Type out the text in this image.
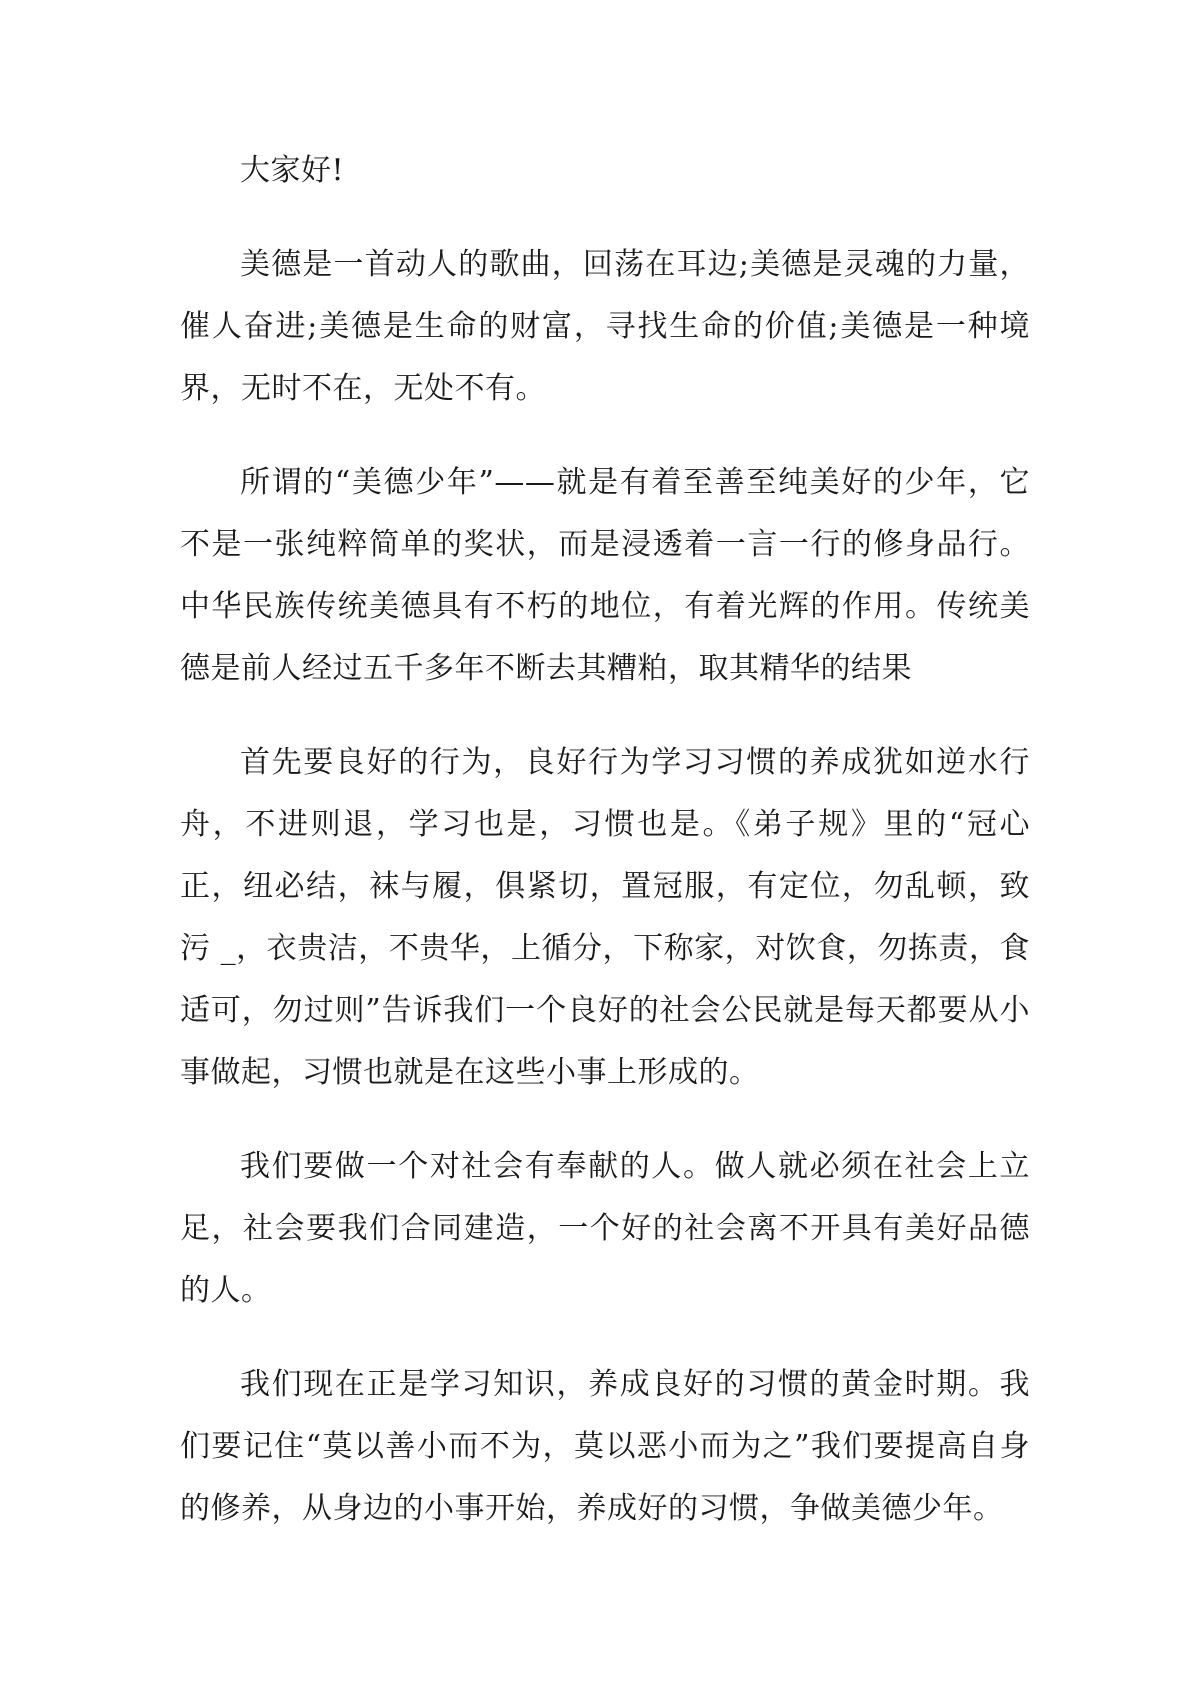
大家好!

美德是一首动人的歌曲，回荡在耳边;美德是灵魂的力量，催人奋进;美德是生命的财富，寻找生命的价值;美德是一种境界，无时不在，无处不有。

所谓的“美德少年”——就是有着至善至纯美好的少年，它不是一张纯粹简单的奖状，而是浸透着一言一行的修身品行。中华民族传统美德具有不朽的地位，有着光辉的作用。传统美德是前人经过五千多年不断去其糟粕，取其精华的结果

首先要良好的行为，良好行为学习习惯的养成犹如逆水行舟，不进则退，学习也是，习惯也是。《弟子规》里的“冠心正，纽必结，袜与履，俱紧切，置冠服，有定位，勿乱顿，致污 _，衣贵洁，不贵华，上循分，下称家，对饮食，勿拣责，食适可，勿过则”告诉我们一个良好的社会公民就是每天都要从小事做起，习惯也就是在这些小事上形成的。

我们要做一个对社会有奉献的人。做人就必须在社会上立足，社会要我们合同建造，一个好的社会离不开具有美好品德的人。

我们现在正是学习知识，养成良好的习惯的黄金时期。我们要记住“莫以善小而不为，莫以恶小而为之”我们要提高自身的修养，从身边的小事开始，养成好的习惯，争做美德少年。
